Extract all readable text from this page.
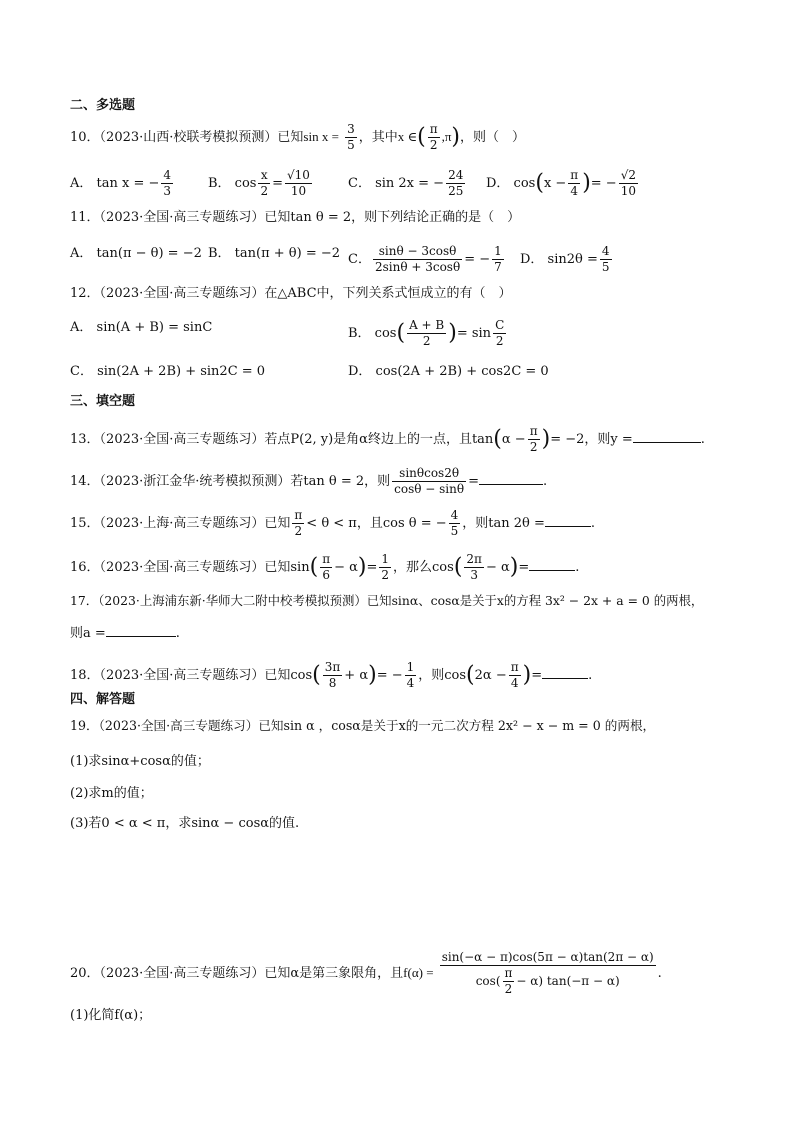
二、多选题
10．（2023·山西·校联考模拟预测）已知$\sin x = \frac{3}{5}$ ，其中x ∈( $\frac{\pi}{2} ,\pi$)，则（　）
A． tan x = − $\frac{4}{3}$	B． $\cos \frac{x}{2} = \frac{√10}{10}$	C． sin 2x = − $\frac{24}{25}$ D． $\cos(x - \frac{\pi}{4}$ )= − $\frac{√2}{10}$
11．（2023·全国·高三专题练习）已知tan θ = 2，则下列结论正确的是（　）
A． tan(π − θ) = −2 B． tan(π + θ) = −2 C． $\frac{\sin\theta - 3\cos\theta}{2\sin\theta + 3\cos\theta}$ = − $\frac{1}{7}$ D． $\sin 2\theta = \frac{4}{5}$
12．（2023·全国·高三专题练习）在△ABC中，下列关系式恒成立的有（　）
A． sin(A + B) = sinC	B． $\cos( \frac{A + B}{2}$ )= $\sin \frac{C}{2}$
C． sin(2A + 2B) + sin2C = 0	D． cos(2A + 2B) + cos2C = 0
三、填空题
13．（2023·全国·高三专题练习）若点P(2, y)是角α终边上的一点，且$\tan(\alpha - \frac{\pi}{2}$ )= −2，则y =	.
14．（2023·浙江金华·统考模拟预测）若tan θ = 2，则 $\frac{\sin\theta\cos 2\theta}{\cos\theta - \sin\theta}$ =	.
15．（2023·上海·高三专题练习）已知 $\frac{\pi}{2} < \theta < \pi$，且cos θ = − $\frac{4}{5}$ ，则tan 2θ =	.
16．（2023·全国·高三专题练习）已知$\sin( \frac{\pi}{6} - \alpha)= \frac{1}{2}$ ，那么$\cos( \frac{2\pi}{3} - \alpha)=$	.
17．（2023·上海浦东新·华师大二附中校考模拟预测）已知sinα、cosα是关于x的方程 3x² − 2x + a = 0 的两根，
则a =	.
18．（2023·全国·高三专题练习）已知$\cos( \frac{3\pi}{8} + \alpha)= - \frac{1}{4}$ ，则$\cos(2\alpha - \frac{\pi}{4}$ )=	.
四、解答题
19．（2023·全国·高三专题练习）已知sin α ，cosα是关于x的一元二次方程 2x² − x − m = 0 的两根，
(1)求sinα+cosα的值；
(2)求m的值；
(3)若0 < α < π，求sinα − cosα的值.
20．（2023·全国·高三专题练习）已知α是第三象限角，且$f(\alpha) = \frac{\sin(-\alpha - \pi)\cos(5\pi - \alpha)\tan(2\pi - \alpha)}{\cos( \frac{\pi}{2} - \alpha) \tan(-\pi - \alpha)}$ .
(1)化简f(α)；
